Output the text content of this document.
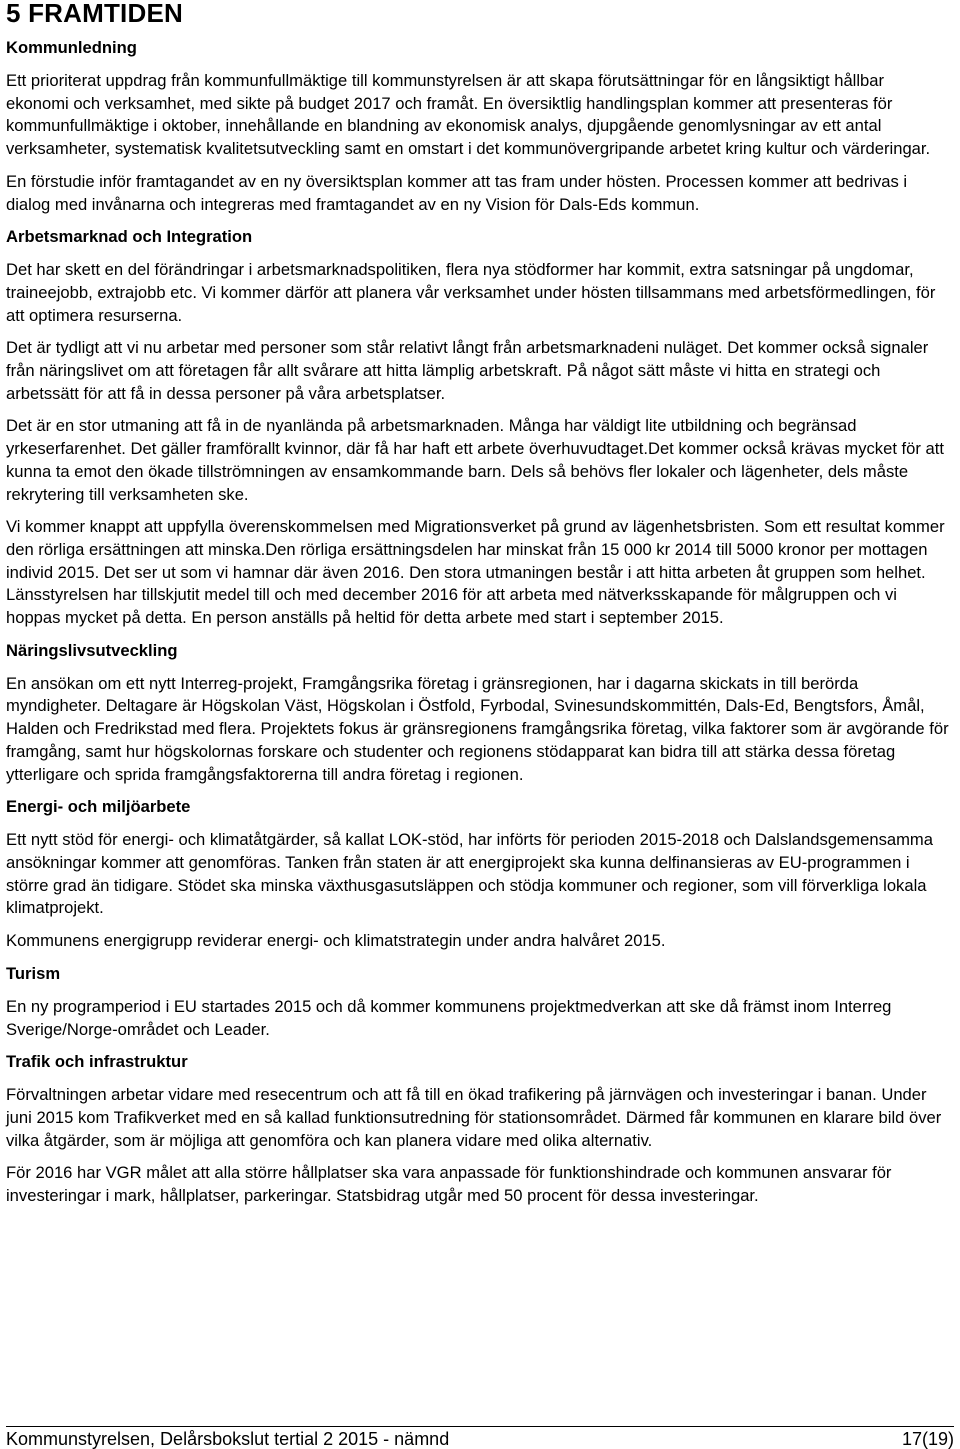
5 FRAMTIDEN
Kommunledning

Ett prioriterat uppdrag från kommunfullmäktige till kommunstyrelsen är att skapa förutsättningar för en långsiktigt hållbar ekonomi och verksamhet, med sikte på budget 2017 och framåt. En översiktlig handlingsplan kommer att presenteras för kommunfullmäktige i oktober, innehållande en blandning av ekonomisk analys, djupgående genomlysningar av ett antal verksamheter, systematisk kvalitetsutveckling samt en omstart i det kommunövergripande arbetet kring kultur och värderingar.

En förstudie inför framtagandet av en ny översiktsplan kommer att tas fram under hösten. Processen kommer att bedrivas i dialog med invånarna och integreras med framtagandet av en ny Vision för Dals-Eds kommun.

Arbetsmarknad och Integration

Det har skett en del förändringar i arbetsmarknadspolitiken, flera nya stödformer har kommit, extra satsningar på ungdomar, traineejobb, extrajobb etc. Vi kommer därför att planera vår verksamhet under hösten tillsammans med arbetsförmedlingen, för att optimera resurserna.

Det är tydligt att vi nu arbetar med personer som står relativt långt från arbetsmarknadeni nuläget. Det kommer också signaler från näringslivet om att företagen får allt svårare att hitta lämplig arbetskraft. På något sätt måste vi hitta en strategi och arbetssätt för att få in dessa personer på våra arbetsplatser.

Det är en stor utmaning att få in de nyanlända på arbetsmarknaden. Många har väldigt lite utbildning och begränsad yrkeserfarenhet. Det gäller framförallt kvinnor, där få har haft ett arbete överhuvudtaget.Det kommer också krävas mycket för att kunna ta emot den ökade tillströmningen av ensamkommande barn. Dels så behövs fler lokaler och lägenheter, dels måste rekrytering till verksamheten ske.

Vi kommer knappt att uppfylla överenskommelsen med Migrationsverket på grund av lägenhetsbristen. Som ett resultat kommer den rörliga ersättningen att minska.Den rörliga ersättningsdelen har minskat från 15 000 kr 2014 till 5000 kronor per mottagen individ 2015. Det ser ut som vi hamnar där även 2016. Den stora utmaningen består i att hitta arbeten åt gruppen som helhet. Länsstyrelsen har tillskjutit medel till och med december 2016 för att arbeta med nätverksskapande för målgruppen och vi hoppas mycket på detta. En person anställs på heltid för detta arbete med start i september 2015.

Näringslivsutveckling

En ansökan om ett nytt Interreg-projekt, Framgångsrika företag i gränsregionen, har i dagarna skickats in till berörda myndigheter. Deltagare är Högskolan Väst, Högskolan i Östfold, Fyrbodal, Svinesundskommittén, Dals-Ed, Bengtsfors, Åmål, Halden och Fredrikstad med flera. Projektets fokus är gränsregionens framgångsrika företag, vilka faktorer som är avgörande för framgång, samt hur högskolornas forskare och studenter och regionens stödapparat kan bidra till att stärka dessa företag ytterligare och sprida framgångsfaktorerna till andra företag i regionen.

Energi- och miljöarbete

Ett nytt stöd för energi- och klimatåtgärder, så kallat LOK-stöd, har införts för perioden 2015-2018 och Dalslandsgemensamma ansökningar kommer att genomföras. Tanken från staten är att energiprojekt ska kunna delfinansieras av EU-programmen i större grad än tidigare. Stödet ska minska växthusgasutsläppen och stödja kommuner och regioner, som vill förverkliga lokala klimatprojekt.

Kommunens energigrupp reviderar energi- och klimatstrategin under andra halvåret 2015.

Turism

En ny programperiod i EU startades 2015 och då kommer kommunens projektmedverkan att ske då främst inom Interreg Sverige/Norge-området och Leader.

Trafik och infrastruktur

Förvaltningen arbetar vidare med resecentrum och att få till en ökad trafikering på järnvägen och investeringar i banan. Under juni 2015 kom Trafikverket med en så kallad funktionsutredning för stationsområdet. Därmed får kommunen en klarare bild över vilka åtgärder, som är möjliga att genomföra och kan planera vidare med olika alternativ.

För 2016 har VGR målet att alla större hållplatser ska vara anpassade för funktionshindrade och kommunen ansvarar för investeringar i mark, hållplatser, parkeringar. Statsbidrag utgår med 50 procent för dessa investeringar.

Kommunstyrelsen, Delårsbokslut tertial 2 2015 - nämnd	17(19)
